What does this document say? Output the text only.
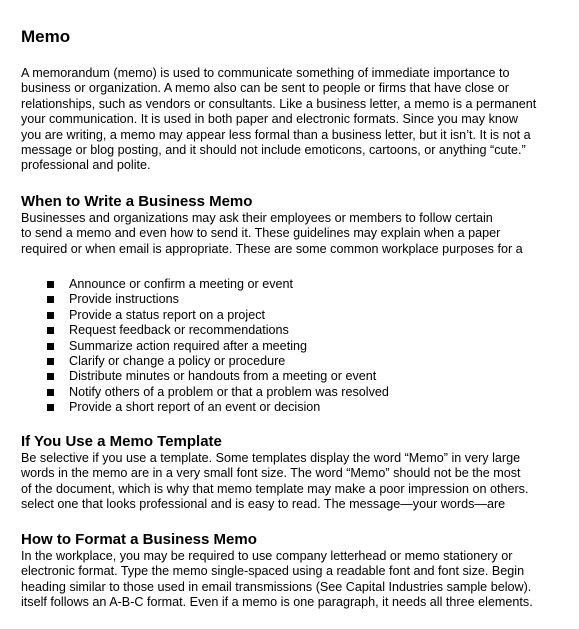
Memo

A memorandum (memo) is used to communicate something of immediate importance to
business or organization. A memo also can be sent to people or firms that have close or
relationships, such as vendors or consultants. Like a business letter, a memo is a permanent
your communication. It is used in both paper and electronic formats. Since you may know
you are writing, a memo may appear less formal than a business letter, but it isn’t. It is not a
message or blog posting, and it should not include emoticons, cartoons, or anything “cute.”
professional and polite.

When to Write a Business Memo

Businesses and organizations may ask their employees or members to follow certain
to send a memo and even how to send it. These guidelines may explain when a paper
required or when email is appropriate. These are some common workplace purposes for a

Announce or confirm a meeting or event
Provide instructions
Provide a status report on a project
Request feedback or recommendations
Summarize action required after a meeting
Clarify or change a policy or procedure
Distribute minutes or handouts from a meeting or event
Notify others of a problem or that a problem was resolved
Provide a short report of an event or decision
If You Use a Memo Template

Be selective if you use a template. Some templates display the word “Memo” in very large
words in the memo are in a very small font size. The word “Memo” should not be the most
of the document, which is why that memo template may make a poor impression on others.
select one that looks professional and is easy to read. The message—your words—are

How to Format a Business Memo

In the workplace, you may be required to use company letterhead or memo stationery or
electronic format. Type the memo single-spaced using a readable font and font size. Begin
heading similar to those used in email transmissions (See Capital Industries sample below).
itself follows an A-B-C format. Even if a memo is one paragraph, it needs all three elements.
